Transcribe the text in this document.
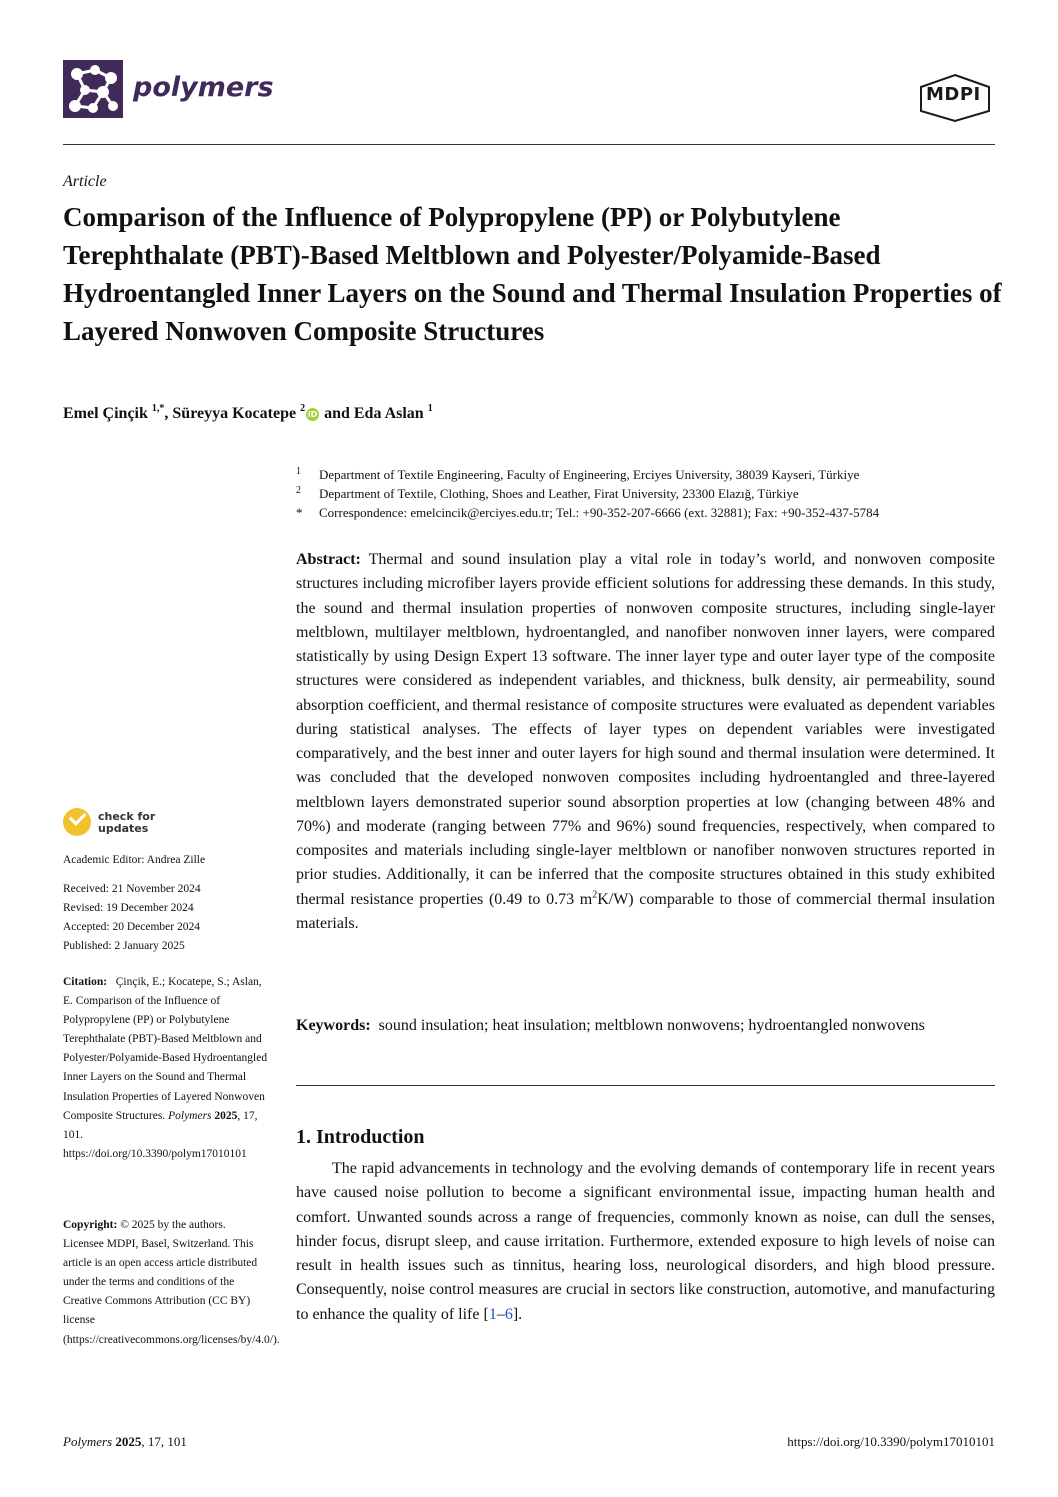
polymers	MDPI
Article
Comparison of the Influence of Polypropylene (PP) or Polybutylene Terephthalate (PBT)-Based Meltblown and Polyester/Polyamide-Based Hydroentangled Inner Layers on the Sound and Thermal Insulation Properties of Layered Nonwoven Composite Structures
Emel Çinçik $^{1,*}$, Süreyya Kocatepe $^2$iD and Eda Aslan $^1$
1 Department of Textile Engineering, Faculty of Engineering, Erciyes University, 38039 Kayseri, Türkiye
2 Department of Textile, Clothing, Shoes and Leather, Firat University, 23300 Elazığ, Türkiye
* Correspondence: emelcincik@erciyes.edu.tr; Tel.: +90-352-207-6666 (ext. 32881); Fax: +90-352-437-5784

Abstract: Thermal and sound insulation play a vital role in today’s world, and nonwoven composite structures including microfiber layers provide efficient solutions for addressing these demands. In this study, the sound and thermal insulation properties of nonwoven composite structures, including single-layer meltblown, multilayer meltblown, hydroentangled, and nanofiber nonwoven inner layers, were compared statistically by using Design Expert 13 software. The inner layer type and outer layer type of the composite structures were considered as independent variables, and thickness, bulk density, air permeability, sound absorption coefficient, and thermal resistance of composite structures were evaluated as dependent variables during statistical analyses. The effects of layer types on dependent variables were investigated comparatively, and the best inner and outer layers for high sound and thermal insulation were determined. It was concluded that the developed nonwoven composites including hydroentangled and three-layered meltblown layers demonstrated superior sound absorption properties at low (changing between 48% and 70%) and moderate (ranging between 77% and 96%) sound frequencies, respectively, when compared to composites and materials including single-layer meltblown or nanofiber nonwoven structures reported in prior studies. Additionally, it can be inferred that the composite structures obtained in this study exhibited thermal resistance properties (0.49 to 0.73 $m^2K/W$) comparable to those of commercial thermal insulation materials.

Keywords: sound insulation; heat insulation; meltblown nonwovens; hydroentangled nonwovens

1. Introduction

The rapid advancements in technology and the evolving demands of contemporary life in recent years have caused noise pollution to become a significant environmental issue, impacting human health and comfort. Unwanted sounds across a range of frequencies, commonly known as noise, can dull the senses, hinder focus, disrupt sleep, and cause irritation. Furthermore, extended exposure to high levels of noise can result in health issues such as tinnitus, hearing loss, neurological disorders, and high blood pressure. Consequently, noise control measures are crucial in sectors like construction, automotive, and manufacturing to enhance the quality of life [1–6].

check for
updates
Academic Editor: Andrea Zille
Received: 21 November 2024
Revised: 19 December 2024
Accepted: 20 December 2024
Published: 2 January 2025
Citation: Çinçik, E.; Kocatepe, S.; Aslan, E. Comparison of the Influence of Polypropylene (PP) or Polybutylene Terephthalate (PBT)-Based Meltblown and Polyester/Polyamide-Based Hydroentangled Inner Layers on the Sound and Thermal Insulation Properties of Layered Nonwoven Composite Structures. Polymers 2025, 17, 101. https://doi.org/10.3390/polym17010101
Copyright: © 2025 by the authors. Licensee MDPI, Basel, Switzerland. This article is an open access article distributed under the terms and conditions of the Creative Commons Attribution (CC BY) license (https://creativecommons.org/licenses/by/4.0/).
Polymers 2025, 17, 101	https://doi.org/10.3390/polym17010101
